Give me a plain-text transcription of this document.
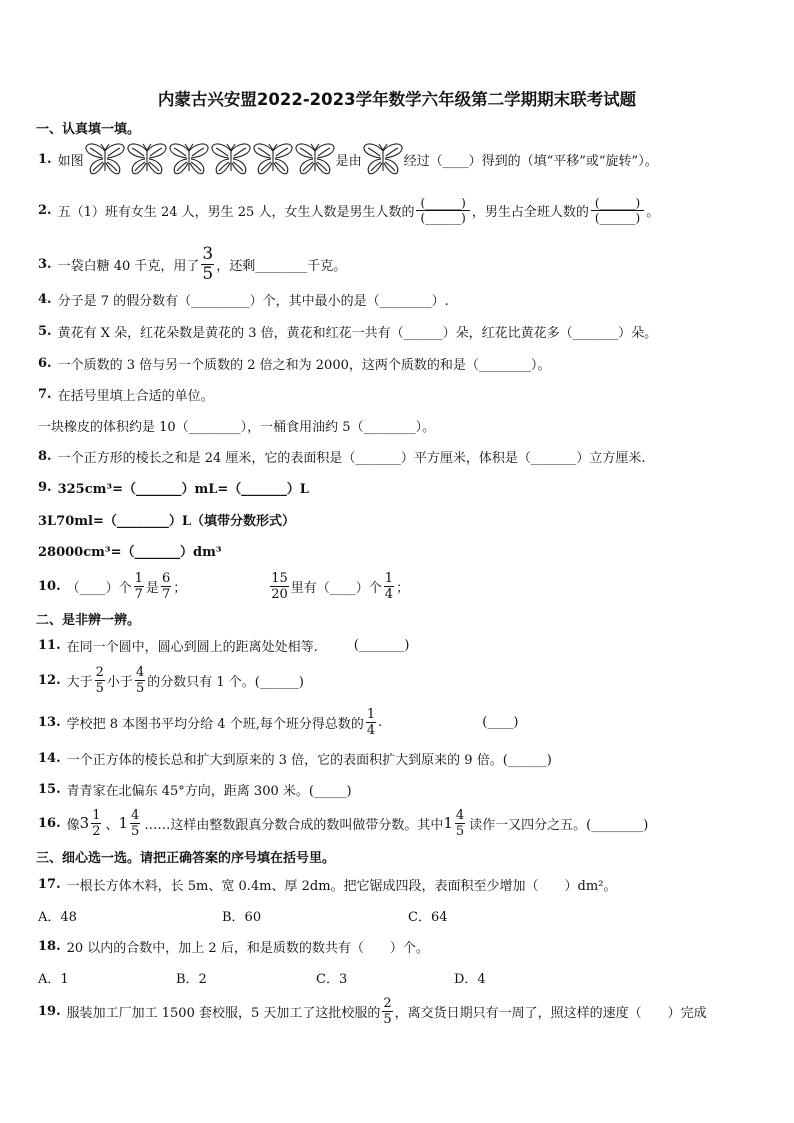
内蒙古兴安盟2022-2023学年数学六年级第二学期期末联考试题
一、认真填一填。
1. 如图	是由	经过（____）得到的（填“平移”或“旋转”）。
2. 五（1）班有女生 24 人，男生 25 人，女生人数是男生人数的 $\frac{(\_\_\_\_\_\_)}{(\_\_\_\_\_\_)}$ ，男生占全班人数的 $\frac{(\_\_\_\_\_\_)}{(\_\_\_\_\_\_)}$ 。
3. 一袋白糖 40 千克，用了 $\frac{3}{5}$ ，还剩________千克。
4. 分子是 7 的假分数有（_________）个，其中最小的是（________）.
5. 黄花有 X 朵，红花朵数是黄花的 3 倍，黄花和红花一共有（______）朵，红花比黄花多（_______）朵。
6. 一个质数的 3 倍与另一个质数的 2 倍之和为 2000，这两个质数的和是（________）。
7. 在括号里填上合适的单位。
一块橡皮的体积约是 10（________），一桶食用油约 5（________）。
8. 一个正方形的棱长之和是 24 厘米，它的表面积是（_______）平方厘米，体积是（_______）立方厘米.
9. 325cm³=（_______）mL=（_______）L
3L70ml=（________）L（填带分数形式）
28000cm³=（_______）dm³
10. （____）个 $\frac{1}{7}$ 是 $\frac{6}{7}$ ；	$\frac{15}{20}$ 里有（____）个 $\frac{1}{4}$ ；
二、是非辨一辨。
11. 在同一个圆中，圆心到圆上的距离处处相等.	(_______)
12. 大于 $\frac{2}{5}$ 小于 $\frac{4}{5}$ 的分数只有 1 个。(______)
13. 学校把 8 本图书平均分给 4 个班,每个班分得总数的 $\frac{1}{4}$ .	(____)
14. 一个正方体的棱长总和扩大到原来的 3 倍，它的表面积扩大到原来的 9 倍。(______)
15. 青青家在北偏东 45°方向，距离 300 米。(_____)
16. 像 $3 \frac{1}{2}$ 、 $1 \frac{4}{5}$ ……这样由整数跟真分数合成的数叫做带分数。其中 $1 \frac{4}{5}$ 读作一又四分之五。(________)
三、细心选一选。请把正确答案的序号填在括号里。
17. 一根长方体木料，长 5m、宽 0.4m、厚 2dm。把它锯成四段，表面积至少增加（　　）dm²。
A．48	B．60	C．64
18. 20 以内的合数中，加上 2 后，和是质数的数共有（　　）个。
A．1	B．2	C．3	D．4
19. 服装加工厂加工 1500 套校服，5 天加工了这批校服的 $\frac{2}{5}$ ，离交货日期只有一周了，照这样的速度（　　）完成
